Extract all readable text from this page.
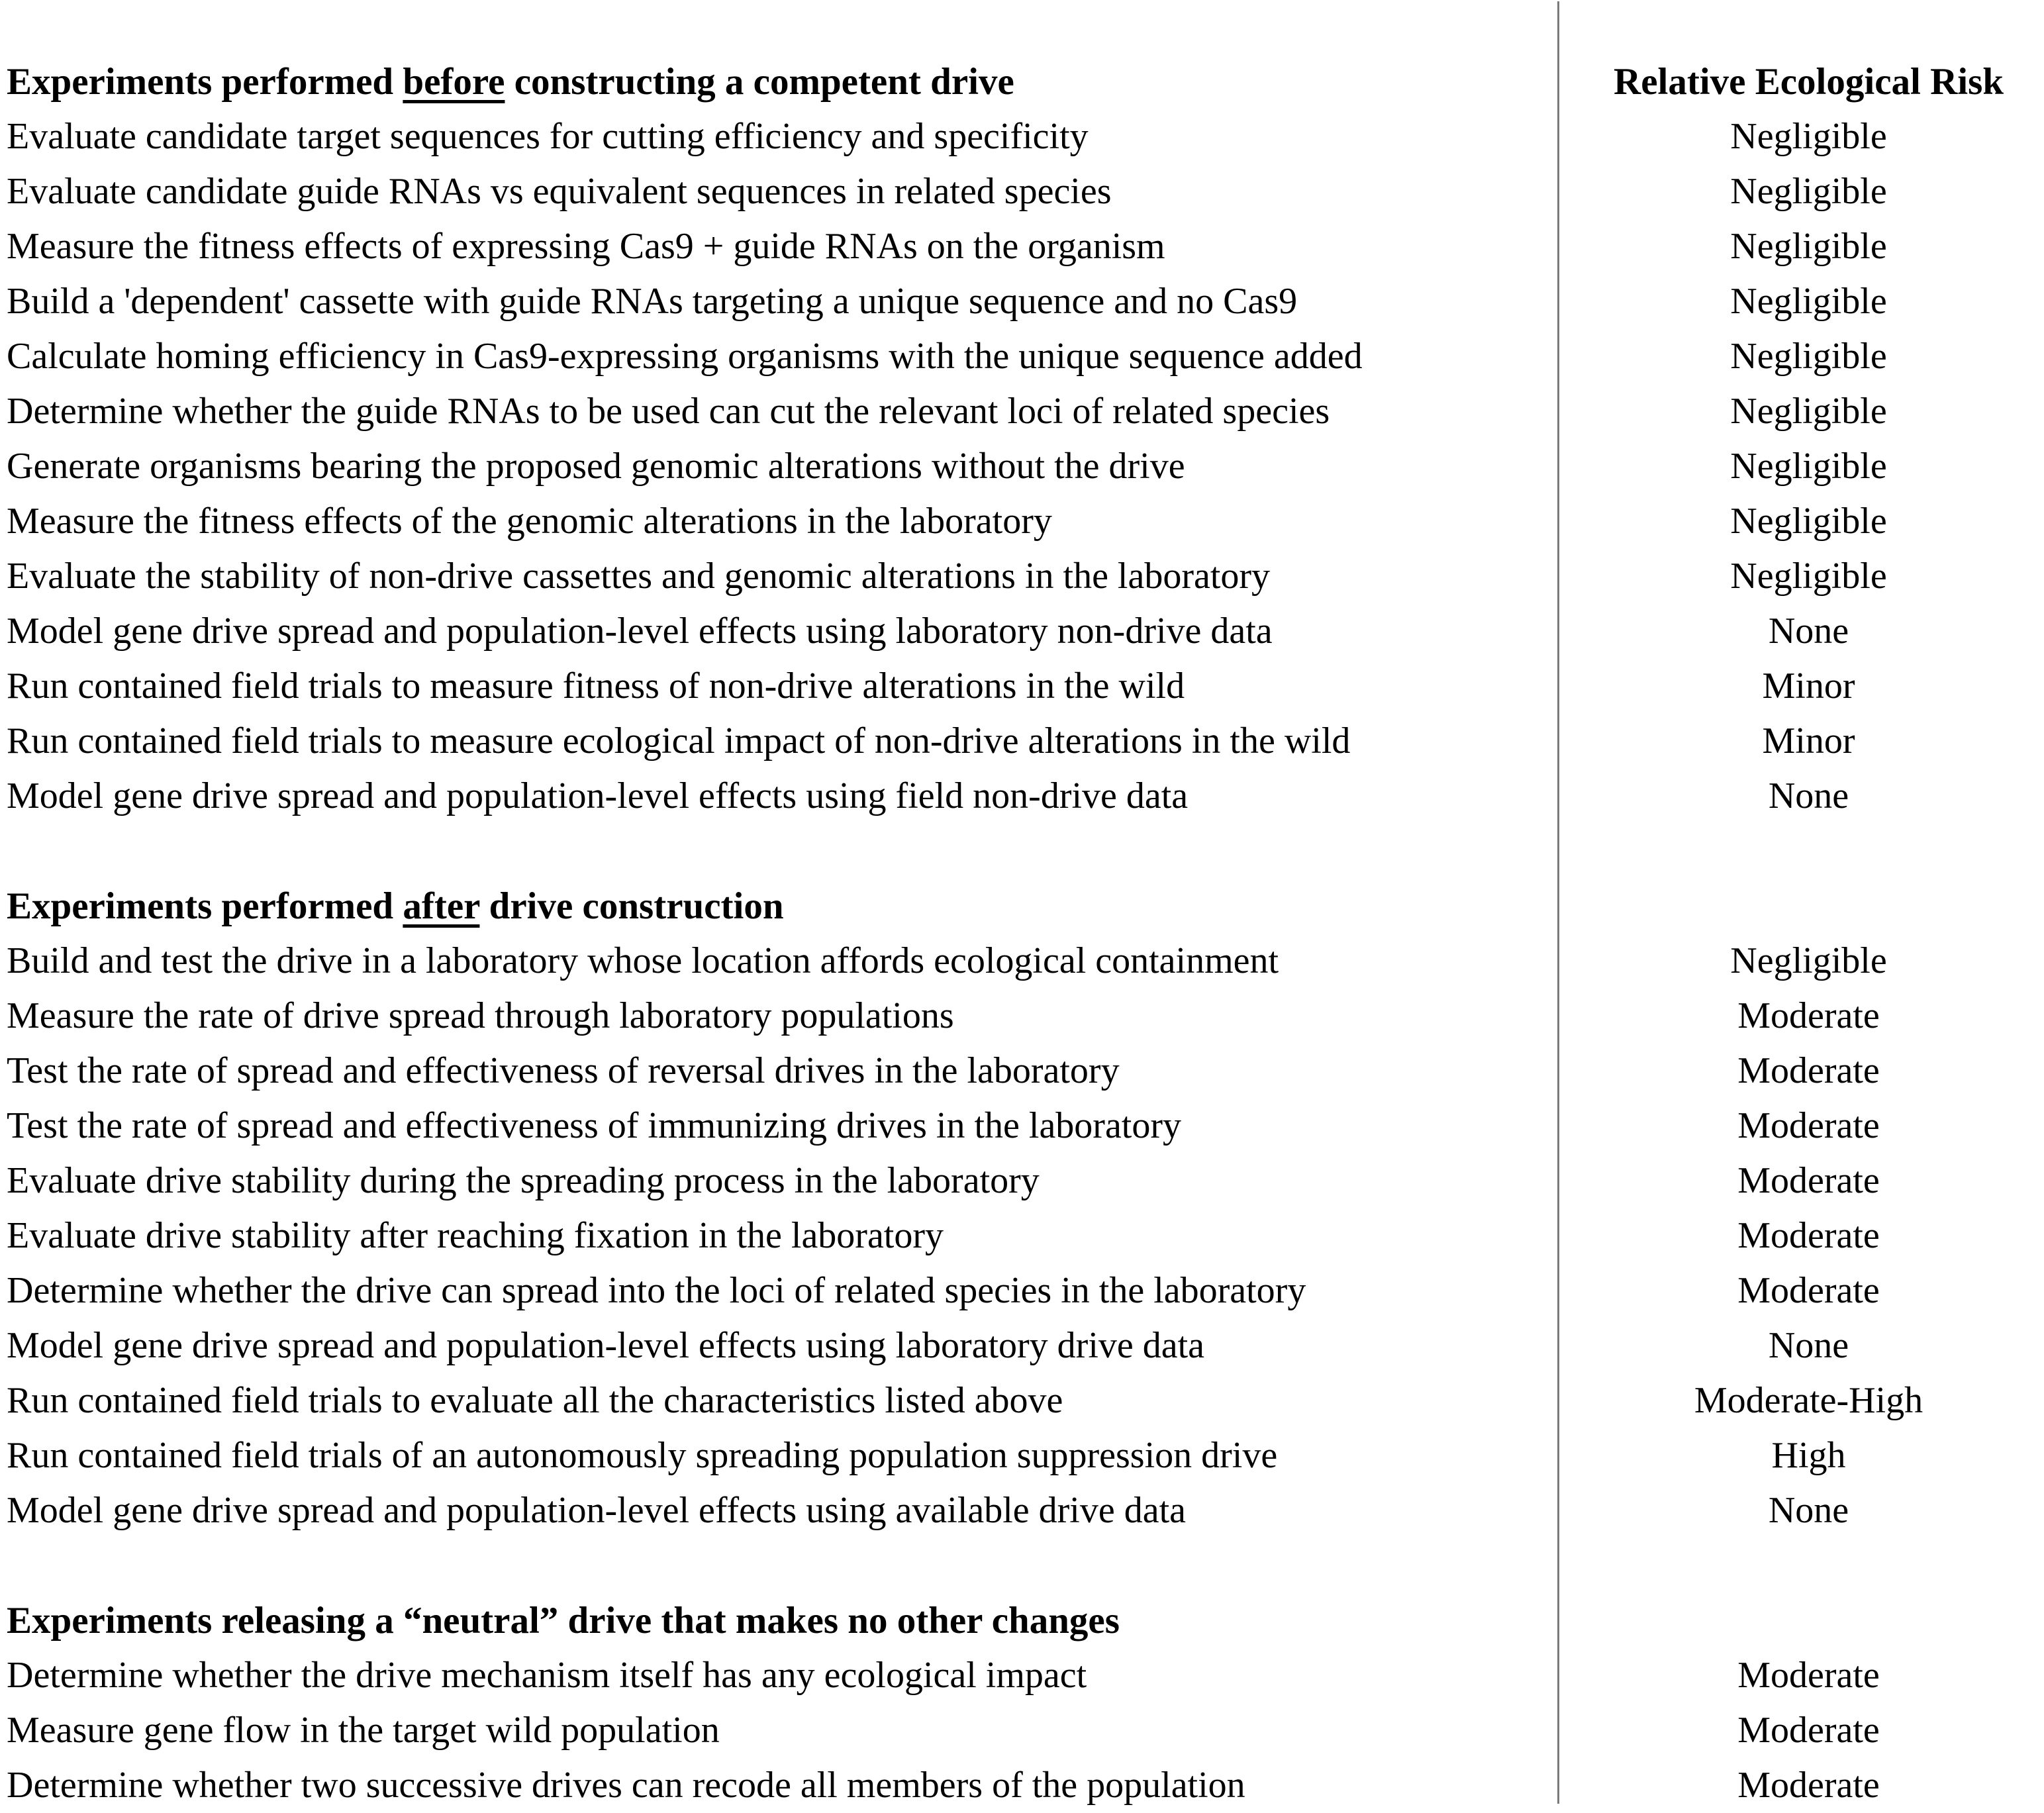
Experiments performed before constructing a competent drive	Relative Ecological Risk
Evaluate candidate target sequences for cutting efficiency and specificity	Negligible
Evaluate candidate guide RNAs vs equivalent sequences in related species	Negligible
Measure the fitness effects of expressing Cas9 + guide RNAs on the organism	Negligible
Build a 'dependent' cassette with guide RNAs targeting a unique sequence and no Cas9	Negligible
Calculate homing efficiency in Cas9-expressing organisms with the unique sequence added	Negligible
Determine whether the guide RNAs to be used can cut the relevant loci of related species	Negligible
Generate organisms bearing the proposed genomic alterations without the drive	Negligible
Measure the fitness effects of the genomic alterations in the laboratory	Negligible
Evaluate the stability of non-drive cassettes and genomic alterations in the laboratory	Negligible
Model gene drive spread and population-level effects using laboratory non-drive data	None
Run contained field trials to measure fitness of non-drive alterations in the wild	Minor
Run contained field trials to measure ecological impact of non-drive alterations in the wild	Minor
Model gene drive spread and population-level effects using field non-drive data	None
Experiments performed after drive construction
Build and test the drive in a laboratory whose location affords ecological containment	Negligible
Measure the rate of drive spread through laboratory populations	Moderate
Test the rate of spread and effectiveness of reversal drives in the laboratory	Moderate
Test the rate of spread and effectiveness of immunizing drives in the laboratory	Moderate
Evaluate drive stability during the spreading process in the laboratory	Moderate
Evaluate drive stability after reaching fixation in the laboratory	Moderate
Determine whether the drive can spread into the loci of related species in the laboratory	Moderate
Model gene drive spread and population-level effects using laboratory drive data	None
Run contained field trials to evaluate all the characteristics listed above	Moderate-High
Run contained field trials of an autonomously spreading population suppression drive	High
Model gene drive spread and population-level effects using available drive data	None
Experiments releasing a “neutral” drive that makes no other changes
Determine whether the drive mechanism itself has any ecological impact	Moderate
Measure gene flow in the target wild population	Moderate
Determine whether two successive drives can recode all members of the population	Moderate
